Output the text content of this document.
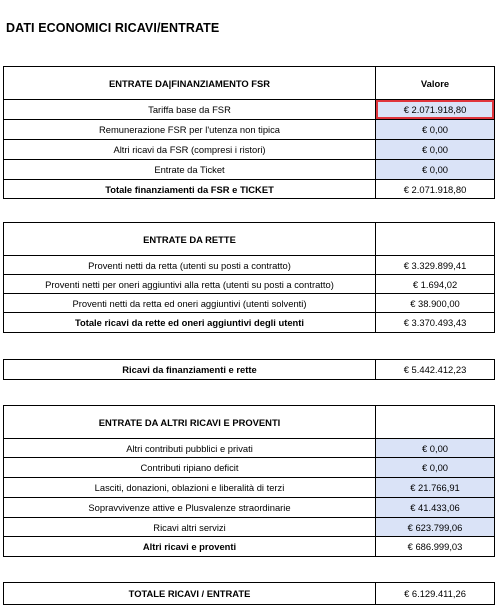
DATI ECONOMICI RICAVI/ENTRATE
ENTRATE DA|FINANZIAMENTO FSR	Valore
Tariffa base da FSR	€ 2.071.918,80
Remunerazione FSR per l'utenza non tipica	€ 0,00
Altri ricavi da FSR (compresi i ristori)	€ 0,00
Entrate da Ticket	€ 0,00
Totale finanziamenti da FSR e TICKET	€ 2.071.918,80
ENTRATE DA RETTE	
Proventi netti da retta (utenti su posti a contratto)	€ 3.329.899,41
Proventi netti per oneri aggiuntivi alla retta (utenti su posti a contratto)	€ 1.694,02
Proventi netti da retta ed oneri aggiuntivi (utenti solventi)	€ 38.900,00
Totale ricavi da rette ed oneri aggiuntivi degli utenti	€ 3.370.493,43
Ricavi da finanziamenti e rette	€ 5.442.412,23
ENTRATE DA ALTRI RICAVI E PROVENTI	
Altri contributi pubblici e privati	€ 0,00
Contributi ripiano deficit	€ 0,00
Lasciti, donazioni, oblazioni e liberalità di terzi	€ 21.766,91
Sopravvivenze attive e Plusvalenze straordinarie	€ 41.433,06
Ricavi altri servizi	€ 623.799,06
Altri ricavi e proventi	€ 686.999,03
TOTALE RICAVI / ENTRATE	€ 6.129.411,26
